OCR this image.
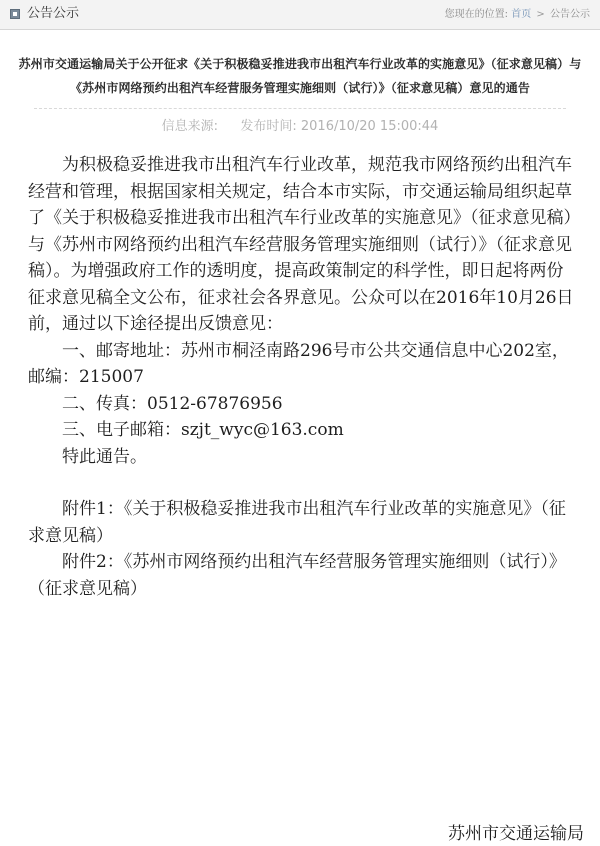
公告公示	您现在的位置: 首页 > 公告公示
苏州市交通运输局关于公开征求《关于积极稳妥推进我市出租汽车行业改革的实施意见》（征求意见稿）与《苏州市网络预约出租汽车经营服务管理实施细则（试行）》（征求意见稿）意见的通告
信息来源: 发布时间: 2016/10/20 15:00:44

为积极稳妥推进我市出租汽车行业改革，规范我市网络预约出租汽车经营和管理，根据国家相关规定，结合本市实际，市交通运输局组织起草了《关于积极稳妥推进我市出租汽车行业改革的实施意见》（征求意见稿）与《苏州市网络预约出租汽车经营服务管理实施细则（试行）》（征求意见稿）。为增强政府工作的透明度，提高政策制定的科学性，即日起将两份征求意见稿全文公布，征求社会各界意见。公众可以在2016年10月26日前，通过以下途径提出反馈意见：

一、邮寄地址：苏州市桐泾南路296号市公共交通信息中心202室，邮编：215007

二、传真：0512-67876956

三、电子邮箱：szjt_wyc@163.com

特此通告。

附件1：《关于积极稳妥推进我市出租汽车行业改革的实施意见》（征求意见稿）

附件2：《苏州市网络预约出租汽车经营服务管理实施细则（试行）》（征求意见稿）

苏州市交通运输局
